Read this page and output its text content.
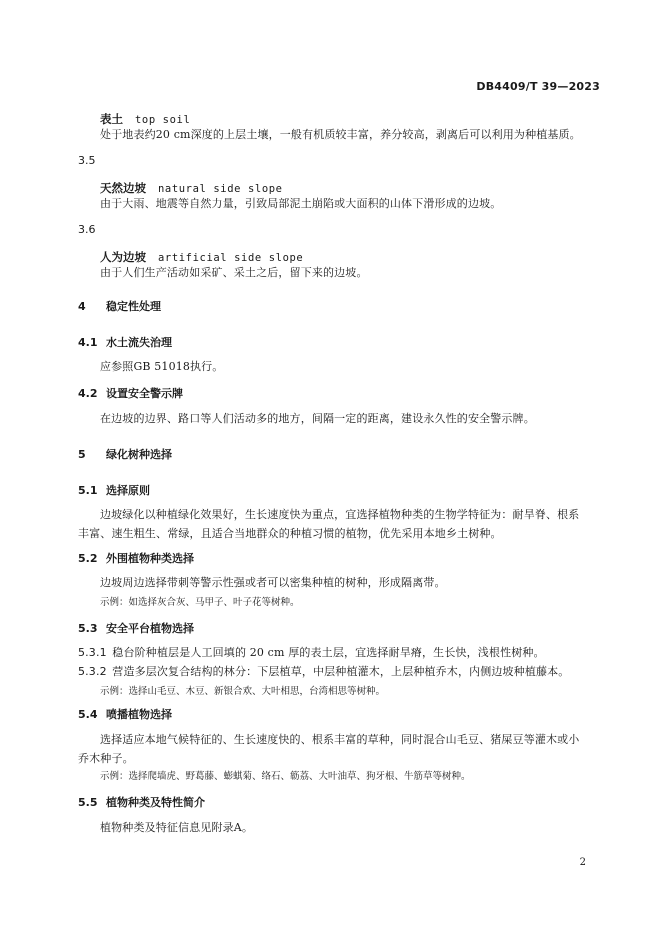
DB4409/T 39—2023
表土 top soil
处于地表约20 cm深度的上层土壤，一般有机质较丰富，养分较高，剥离后可以利用为种植基质。
3.5
天然边坡 natural side slope
由于大雨、地震等自然力量，引致局部泥土崩陷或大面积的山体下滑形成的边坡。
3.6
人为边坡 artificial side slope
由于人们生产活动如采矿、采土之后，留下来的边坡。
4 稳定性处理
4.1 水土流失治理
应参照GB 51018执行。
4.2 设置安全警示牌
在边坡的边界、路口等人们活动多的地方，间隔一定的距离，建设永久性的安全警示牌。
5 绿化树种选择
5.1 选择原则
边坡绿化以种植绿化效果好，生长速度快为重点，宜选择植物种类的生物学特征为：耐旱脊、根系
丰富、速生粗生、常绿，且适合当地群众的种植习惯的植物，优先采用本地乡土树种。
5.2 外围植物种类选择
边坡周边选择带刺等警示性强或者可以密集种植的树种，形成隔离带。
示例：如选择灰合灰、马甲子、叶子花等树种。
5.3 安全平台植物选择
5.3.1 稳台阶种植层是人工回填的 20 cm 厚的表土层，宜选择耐旱瘠，生长快，浅根性树种。
5.3.2 营造多层次复合结构的林分：下层植草，中层种植灌木，上层种植乔木，内侧边坡种植藤本。
示例：选择山毛豆、木豆、新银合欢、大叶相思，台湾相思等树种。
5.4 喷播植物选择
选择适应本地气候特征的、生长速度快的、根系丰富的草种，同时混合山毛豆、猪屎豆等灌木或小
乔木种子。
示例：选择爬墙虎、野葛藤、蟛蜞菊、络石、簕荔、大叶油草、狗牙根、牛筋草等树种。
5.5 植物种类及特性简介
植物种类及特征信息见附录A。
2
